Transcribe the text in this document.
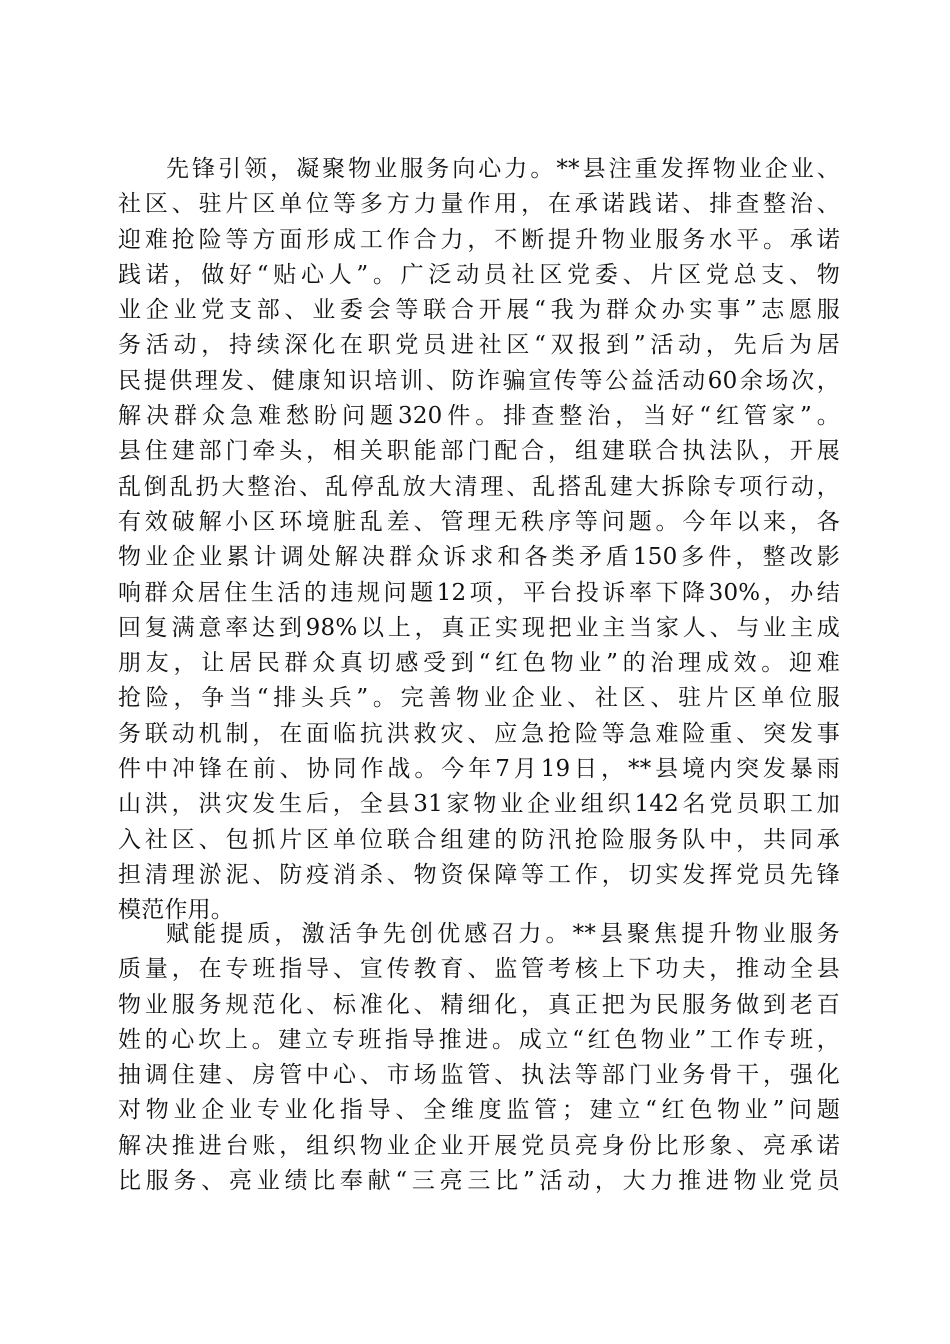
先锋引领，凝聚物业服务向心力。**县注重发挥物业企业、
社区、驻片区单位等多方力量作用，在承诺践诺、排查整治、
迎难抢险等方面形成工作合力，不断提升物业服务水平。承诺
践诺，做好“贴心人”。广泛动员社区党委、片区党总支、物
业企业党支部、业委会等联合开展“我为群众办实事”志愿服
务活动，持续深化在职党员进社区“双报到”活动，先后为居
民提供理发、健康知识培训、防诈骗宣传等公益活动60余场次，
解决群众急难愁盼问题320件。排查整治，当好“红管家”。
县住建部门牵头，相关职能部门配合，组建联合执法队，开展
乱倒乱扔大整治、乱停乱放大清理、乱搭乱建大拆除专项行动，
有效破解小区环境脏乱差、管理无秩序等问题。今年以来，各
物业企业累计调处解决群众诉求和各类矛盾150多件，整改影
响群众居住生活的违规问题12项，平台投诉率下降30%，办结
回复满意率达到98%以上，真正实现把业主当家人、与业主成
朋友，让居民群众真切感受到“红色物业”的治理成效。迎难
抢险，争当“排头兵”。完善物业企业、社区、驻片区单位服
务联动机制，在面临抗洪救灾、应急抢险等急难险重、突发事
件中冲锋在前、协同作战。今年7月19日，**县境内突发暴雨
山洪，洪灾发生后，全县31家物业企业组织142名党员职工加
入社区、包抓片区单位联合组建的防汛抢险服务队中，共同承
担清理淤泥、防疫消杀、物资保障等工作，切实发挥党员先锋
模范作用。

赋能提质，激活争先创优感召力。**县聚焦提升物业服务
质量，在专班指导、宣传教育、监管考核上下功夫，推动全县
物业服务规范化、标准化、精细化，真正把为民服务做到老百
姓的心坎上。建立专班指导推进。成立“红色物业”工作专班，
抽调住建、房管中心、市场监管、执法等部门业务骨干，强化
对物业企业专业化指导、全维度监管；建立“红色物业”问题
解决推进台账，组织物业企业开展党员亮身份比形象、亮承诺
比服务、亮业绩比奉献“三亮三比”活动，大力推进物业党员
